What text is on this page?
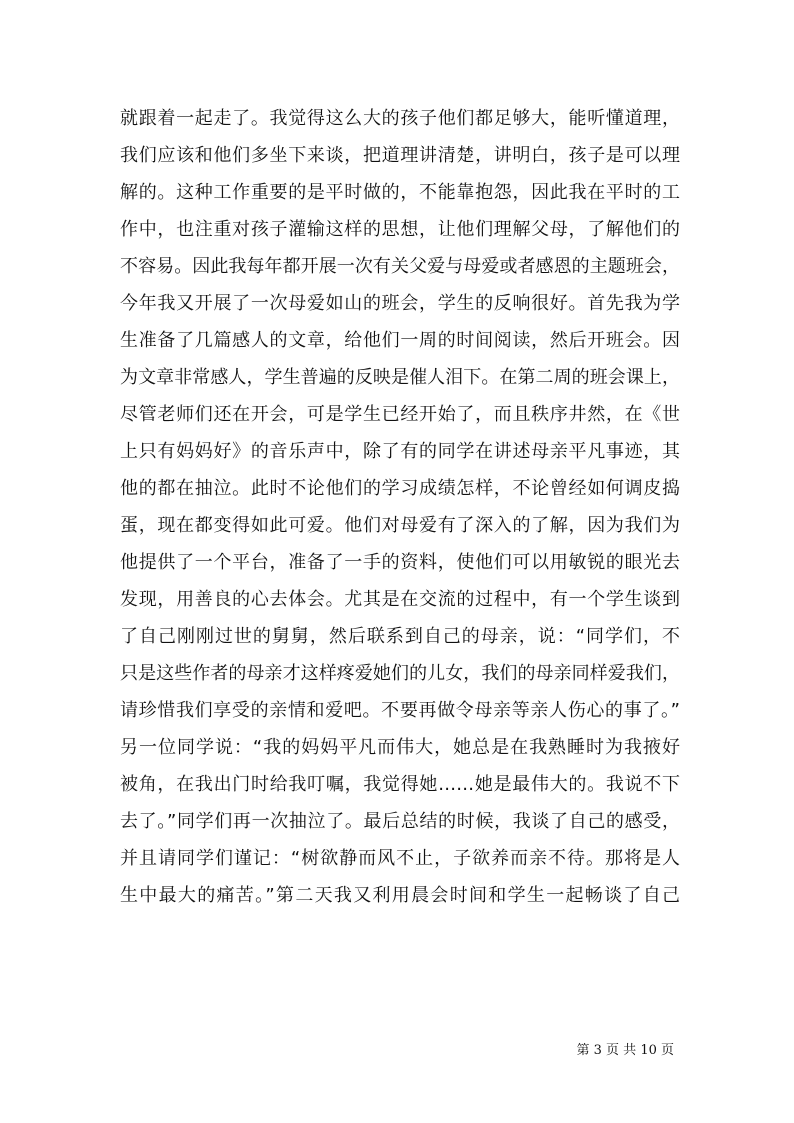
就跟着一起走了。我觉得这么大的孩子他们都足够大，能听懂道理，
我们应该和他们多坐下来谈，把道理讲清楚，讲明白，孩子是可以理
解的。这种工作重要的是平时做的，不能靠抱怨，因此我在平时的工
作中，也注重对孩子灌输这样的思想，让他们理解父母，了解他们的
不容易。因此我每年都开展一次有关父爱与母爱或者感恩的主题班会，
今年我又开展了一次母爱如山的班会，学生的反响很好。首先我为学
生准备了几篇感人的文章，给他们一周的时间阅读，然后开班会。因
为文章非常感人，学生普遍的反映是催人泪下。在第二周的班会课上，
尽管老师们还在开会，可是学生已经开始了，而且秩序井然，在《世
上只有妈妈好》的音乐声中，除了有的同学在讲述母亲平凡事迹，其
他的都在抽泣。此时不论他们的学习成绩怎样，不论曾经如何调皮捣
蛋，现在都变得如此可爱。他们对母爱有了深入的了解，因为我们为
他提供了一个平台，准备了一手的资料，使他们可以用敏锐的眼光去
发现，用善良的心去体会。尤其是在交流的过程中，有一个学生谈到
了自己刚刚过世的舅舅，然后联系到自己的母亲，说：“同学们，不
只是这些作者的母亲才这样疼爱她们的儿女，我们的母亲同样爱我们，
请珍惜我们享受的亲情和爱吧。不要再做令母亲等亲人伤心的事了。”
另一位同学说：“我的妈妈平凡而伟大，她总是在我熟睡时为我掖好
被角，在我出门时给我叮嘱，我觉得她……她是最伟大的。我说不下
去了。”同学们再一次抽泣了。最后总结的时候，我谈了自己的感受，
并且请同学们谨记：“树欲静而风不止，子欲养而亲不待。那将是人
生中最大的痛苦。”第二天我又利用晨会时间和学生一起畅谈了自己
第 3 页 共 10 页
